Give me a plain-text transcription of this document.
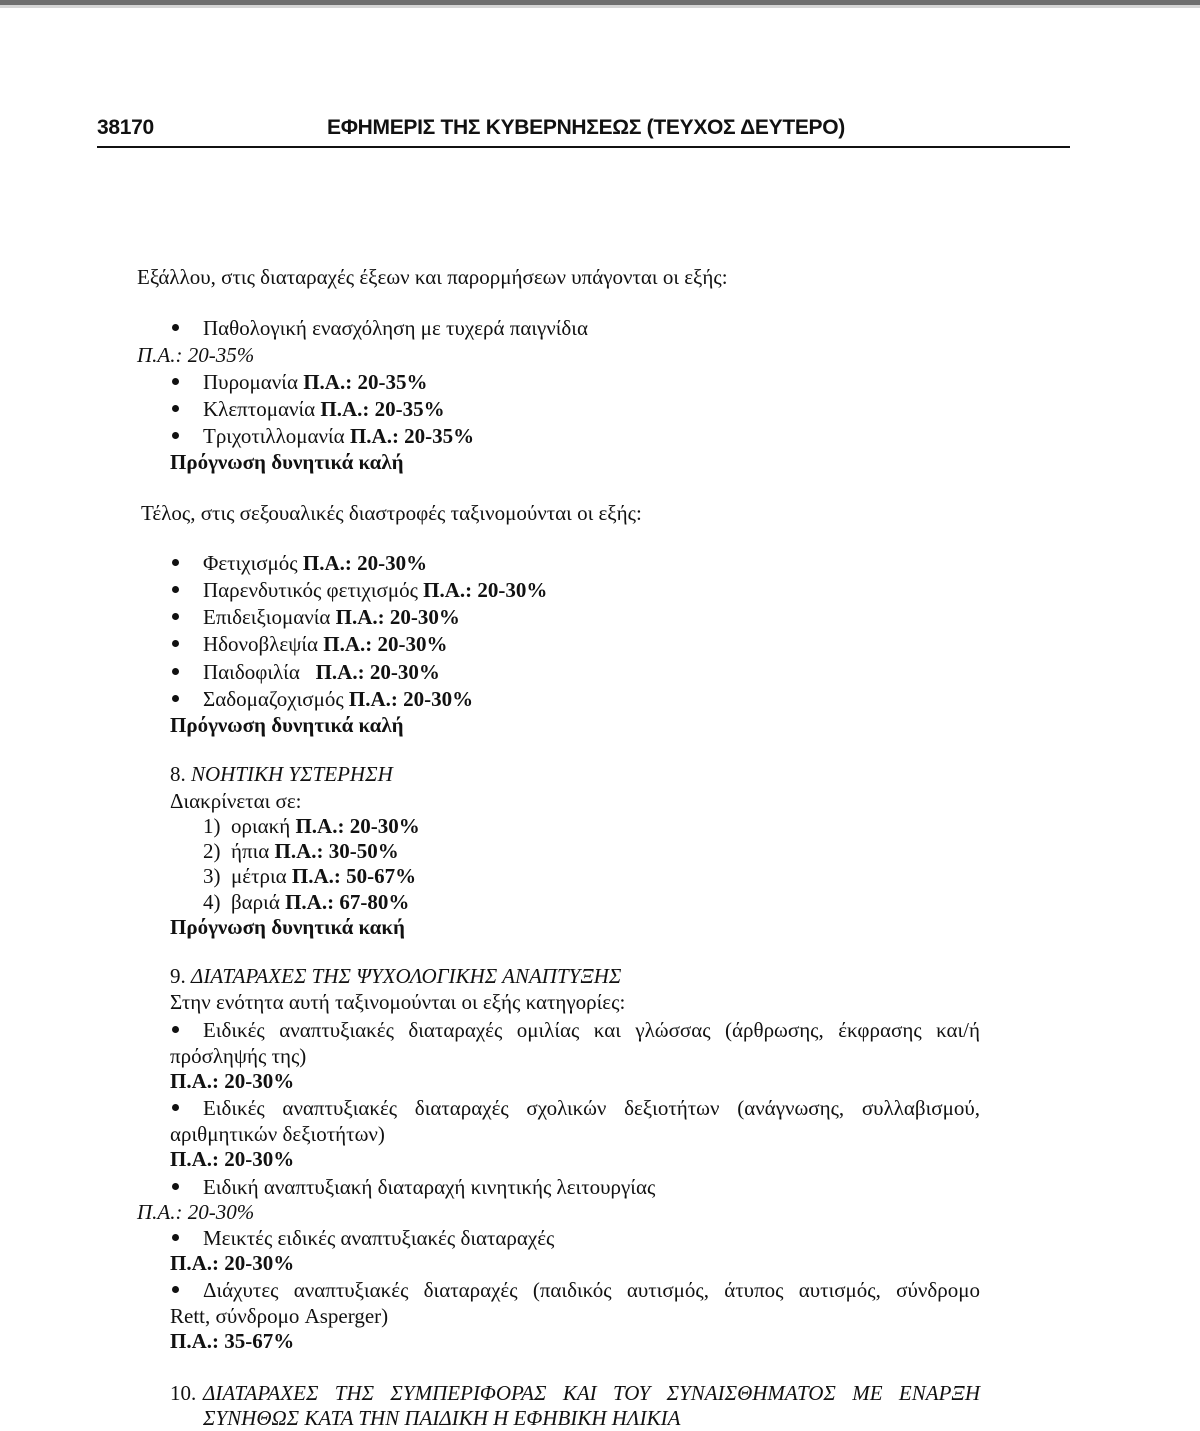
38170	ΕΦΗΜΕΡΙΣ ΤΗΣ ΚΥΒΕΡΝΗΣΕΩΣ (ΤΕΥΧΟΣ ΔΕΥΤΕΡΟ)
Εξάλλου, στις διαταραχές έξεων και παρορμήσεων υπάγονται οι εξής:
Παθολογική ενασχόληση με τυχερά παιγνίδια
Π.Α.: 20-35%
Πυρομανία Π.Α.: 20-35%
Κλεπτομανία Π.Α.: 20-35%
Τριχοτιλλομανία Π.Α.: 20-35%
Πρόγνωση δυνητικά καλή
Τέλος, στις σεξουαλικές διαστροφές ταξινομούνται οι εξής:
Φετιχισμός Π.Α.: 20-30%
Παρενδυτικός φετιχισμός Π.Α.: 20-30%
Επιδειξιομανία Π.Α.: 20-30%
Ηδονοβλεψία Π.Α.: 20-30%
Παιδοφιλία   Π.Α.: 20-30%
Σαδομαζοχισμός Π.Α.: 20-30%
Πρόγνωση δυνητικά καλή
8. ΝΟΗΤΙΚΗ ΥΣΤΕΡΗΣΗ
Διακρίνεται σε:
1) οριακή Π.Α.: 20-30%
2) ήπια Π.Α.: 30-50%
3) μέτρια Π.Α.: 50-67%
4) βαριά Π.Α.: 67-80%
Πρόγνωση δυνητικά κακή
9. ΔΙΑΤΑΡΑΧΕΣ ΤΗΣ ΨΥΧΟΛΟΓΙΚΗΣ ΑΝΑΠΤΥΞΗΣ
Στην ενότητα αυτή ταξινομούνται οι εξής κατηγορίες:
Ειδικές αναπτυξιακές διαταραχές ομιλίας και γλώσσας (άρθρωσης, έκφρασης και/ή
πρόσληψής της)
Π.Α.: 20-30%
Ειδικές αναπτυξιακές διαταραχές σχολικών δεξιοτήτων (ανάγνωσης, συλλαβισμού,
αριθμητικών δεξιοτήτων)
Π.Α.: 20-30%
Ειδική αναπτυξιακή διαταραχή κινητικής λειτουργίας
Π.Α.: 20-30%
Μεικτές ειδικές αναπτυξιακές διαταραχές
Π.Α.: 20-30%
Διάχυτες αναπτυξιακές διαταραχές (παιδικός αυτισμός, άτυπος αυτισμός, σύνδρομο
Rett, σύνδρομο Asperger)
Π.Α.: 35-67%
10. ΔΙΑΤΑΡΑΧΕΣ ΤΗΣ ΣΥΜΠΕΡΙΦΟΡΑΣ ΚΑΙ ΤΟΥ ΣΥΝΑΙΣΘΗΜΑΤΟΣ ΜΕ ΕΝΑΡΞΗ
ΣΥΝΗΘΩΣ ΚΑΤΑ ΤΗΝ ΠΑΙΔΙΚΗ Η ΕΦΗΒΙΚΗ ΗΛΙΚΙΑ
